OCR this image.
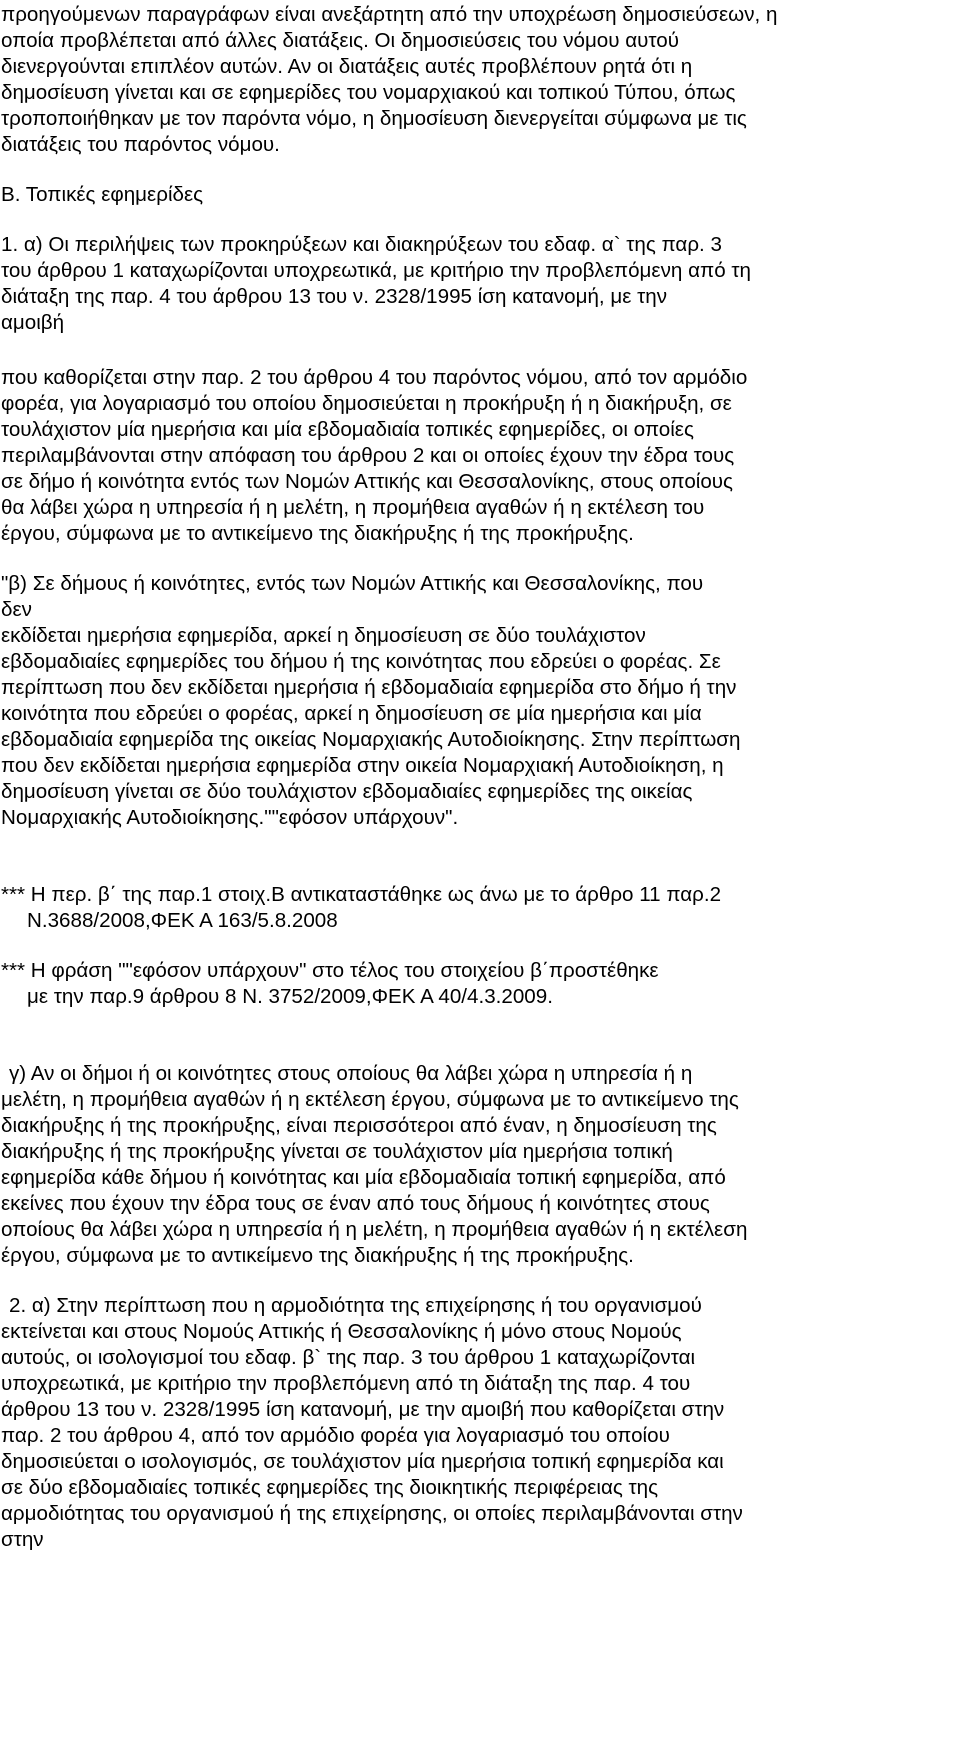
προηγούμενων παραγράφων είναι ανεξάρτητη από την υποχρέωση δημοσιεύσεων, η
οποία προβλέπεται από άλλες διατάξεις. Οι δημοσιεύσεις του νόμου αυτού
διενεργούνται επιπλέον αυτών. Αν οι διατάξεις αυτές προβλέπουν ρητά ότι η
δημοσίευση γίνεται και σε εφημερίδες του νομαρχιακού και τοπικού Τύπου, όπως
τροποποιήθηκαν με τον παρόντα νόμο, η δημοσίευση διενεργείται σύμφωνα με τις
διατάξεις του παρόντος νόμου.
Β. Τοπικές εφημερίδες
1. α) Οι περιλήψεις των προκηρύξεων και διακηρύξεων του εδαφ. α` της παρ. 3
του άρθρου 1 καταχωρίζονται υποχρεωτικά, με κριτήριο την προβλεπόμενη από τη
διάταξη της παρ. 4 του άρθρου 13 του ν. 2328/1995 ίση κατανομή, με την
αμοιβή
που καθορίζεται στην παρ. 2 του άρθρου 4 του παρόντος νόμου, από τον αρμόδιο
φορέα, για λογαριασμό του οποίου δημοσιεύεται η προκήρυξη ή η διακήρυξη, σε
τουλάχιστον μία ημερήσια και μία εβδομαδιαία τοπικές εφημερίδες, οι οποίες
περιλαμβάνονται στην απόφαση του άρθρου 2 και οι οποίες έχουν την έδρα τους
σε δήμο ή κοινότητα εντός των Νομών Αττικής και Θεσσαλονίκης, στους οποίους
θα λάβει χώρα η υπηρεσία ή η μελέτη, η προμήθεια αγαθών ή η εκτέλεση του
έργου, σύμφωνα με το αντικείμενο της διακήρυξης ή της προκήρυξης.
"β) Σε δήμους ή κοινότητες, εντός των Νομών Αττικής και Θεσσαλονίκης, που
δεν
εκδίδεται ημερήσια εφημερίδα, αρκεί η δημοσίευση σε δύο τουλάχιστον
εβδομαδιαίες εφημερίδες του δήμου ή της κοινότητας που εδρεύει ο φορέας. Σε
περίπτωση που δεν εκδίδεται ημερήσια ή εβδομαδιαία εφημερίδα στο δήμο ή την
κοινότητα που εδρεύει ο φορέας, αρκεί η δημοσίευση σε μία ημερήσια και μία
εβδομαδιαία εφημερίδα της οικείας Νομαρχιακής Αυτοδιοίκησης. Στην περίπτωση
που δεν εκδίδεται ημερήσια εφημερίδα στην οικεία Νομαρχιακή Αυτοδιοίκηση, η
δημοσίευση γίνεται σε δύο τουλάχιστον εβδομαδιαίες εφημερίδες της οικείας
Νομαρχιακής Αυτοδιοίκησης.""εφόσον υπάρχουν".
*** Η περ. β΄ της παρ.1 στοιχ.Β αντικαταστάθηκε ως άνω με το άρθρο 11 παρ.2
Ν.3688/2008,ΦΕΚ Α 163/5.8.2008
*** Η φράση ""εφόσον υπάρχουν" στο τέλος του στοιχείου β΄προστέθηκε
με την παρ.9 άρθρου 8 Ν. 3752/2009,ΦΕΚ Α 40/4.3.2009.
γ) Αν οι δήμοι ή οι κοινότητες στους οποίους θα λάβει χώρα η υπηρεσία ή η
μελέτη, η προμήθεια αγαθών ή η εκτέλεση έργου, σύμφωνα με το αντικείμενο της
διακήρυξης ή της προκήρυξης, είναι περισσότεροι από έναν, η δημοσίευση της
διακήρυξης ή της προκήρυξης γίνεται σε τουλάχιστον μία ημερήσια τοπική
εφημερίδα κάθε δήμου ή κοινότητας και μία εβδομαδιαία τοπική εφημερίδα, από
εκείνες που έχουν την έδρα τους σε έναν από τους δήμους ή κοινότητες στους
οποίους θα λάβει χώρα η υπηρεσία ή η μελέτη, η προμήθεια αγαθών ή η εκτέλεση
έργου, σύμφωνα με το αντικείμενο της διακήρυξης ή της προκήρυξης.
2. α) Στην περίπτωση που η αρμοδιότητα της επιχείρησης ή του οργανισμού
εκτείνεται και στους Νομούς Αττικής ή Θεσσαλονίκης ή μόνο στους Νομούς
αυτούς, οι ισολογισμοί του εδαφ. β` της παρ. 3 του άρθρου 1 καταχωρίζονται
υποχρεωτικά, με κριτήριο την προβλεπόμενη από τη διάταξη της παρ. 4 του
άρθρου 13 του ν. 2328/1995 ίση κατανομή, με την αμοιβή που καθορίζεται στην
παρ. 2 του άρθρου 4, από τον αρμόδιο φορέα για λογαριασμό του οποίου
δημοσιεύεται ο ισολογισμός, σε τουλάχιστον μία ημερήσια τοπική εφημερίδα και
σε δύο εβδομαδιαίες τοπικές εφημερίδες της διοικητικής περιφέρειας της
αρμοδιότητας του οργανισμού ή της επιχείρησης, οι οποίες περιλαμβάνονται στην
στην
